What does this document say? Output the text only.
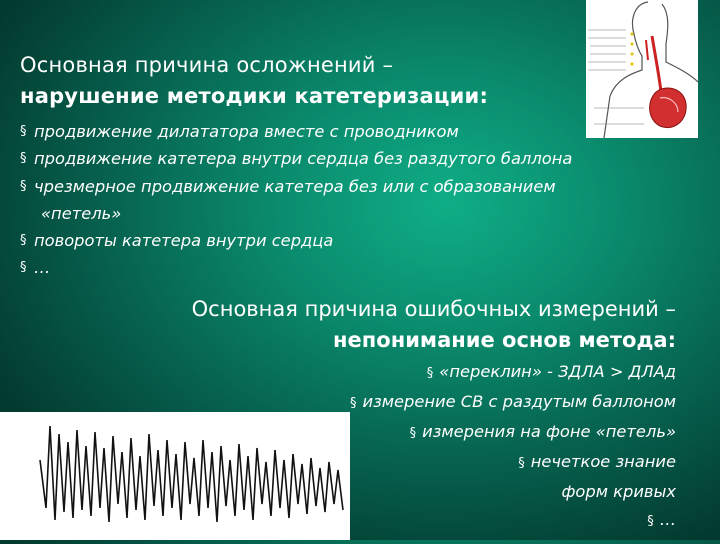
Основная причина осложнений –
нарушение методики катетеризации:
§ продвижение дилататора вместе с проводником
§ продвижение катетера внутри сердца без раздутого баллона
§ чрезмерное продвижение катетера без или с образованием
«петель»
§ повороты катетера внутри сердца
§ …
Основная причина ошибочных измерений –
непонимание основ метода:
§ «переклин» - ЗДЛА > ДЛАд
§ измерение СВ с раздутым баллоном
§ измерения на фоне «петель»
§ нечеткое знание
форм кривых
§ …
